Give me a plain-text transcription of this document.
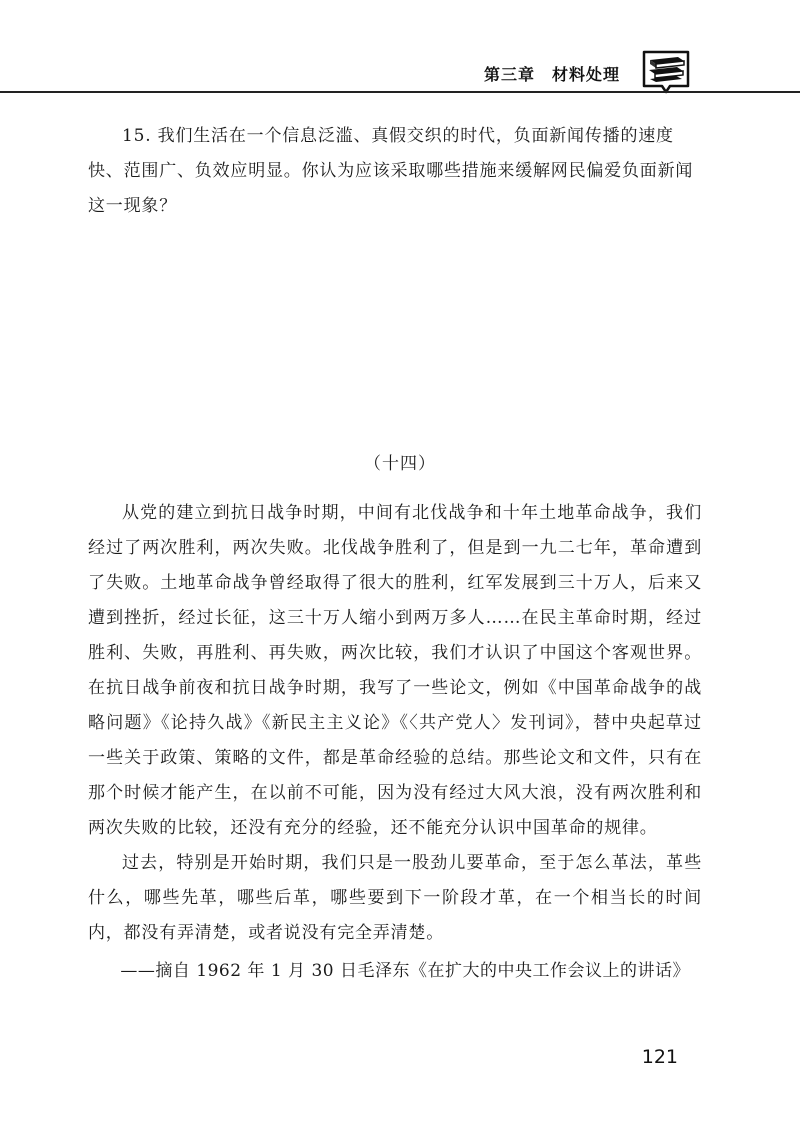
第三章　材料处理

15. 我们生活在一个信息泛滥、真假交织的时代，负面新闻传播的速度快、范围广、负效应明显。你认为应该采取哪些措施来缓解网民偏爱负面新闻这一现象？

（十四）

从党的建立到抗日战争时期，中间有北伐战争和十年土地革命战争，我们经过了两次胜利，两次失败。北伐战争胜利了，但是到一九二七年，革命遭到了失败。土地革命战争曾经取得了很大的胜利，红军发展到三十万人，后来又遭到挫折，经过长征，这三十万人缩小到两万多人……在民主革命时期，经过胜利、失败，再胜利、再失败，两次比较，我们才认识了中国这个客观世界。在抗日战争前夜和抗日战争时期，我写了一些论文，例如《中国革命战争的战略问题》《论持久战》《新民主主义论》《〈共产党人〉发刊词》，替中央起草过一些关于政策、策略的文件，都是革命经验的总结。那些论文和文件，只有在那个时候才能产生，在以前不可能，因为没有经过大风大浪，没有两次胜利和两次失败的比较，还没有充分的经验，还不能充分认识中国革命的规律。

过去，特别是开始时期，我们只是一股劲儿要革命，至于怎么革法，革些什么，哪些先革，哪些后革，哪些要到下一阶段才革，在一个相当长的时间内，都没有弄清楚，或者说没有完全弄清楚。

——摘自 1962 年 1 月 30 日毛泽东《在扩大的中央工作会议上的讲话》
121
